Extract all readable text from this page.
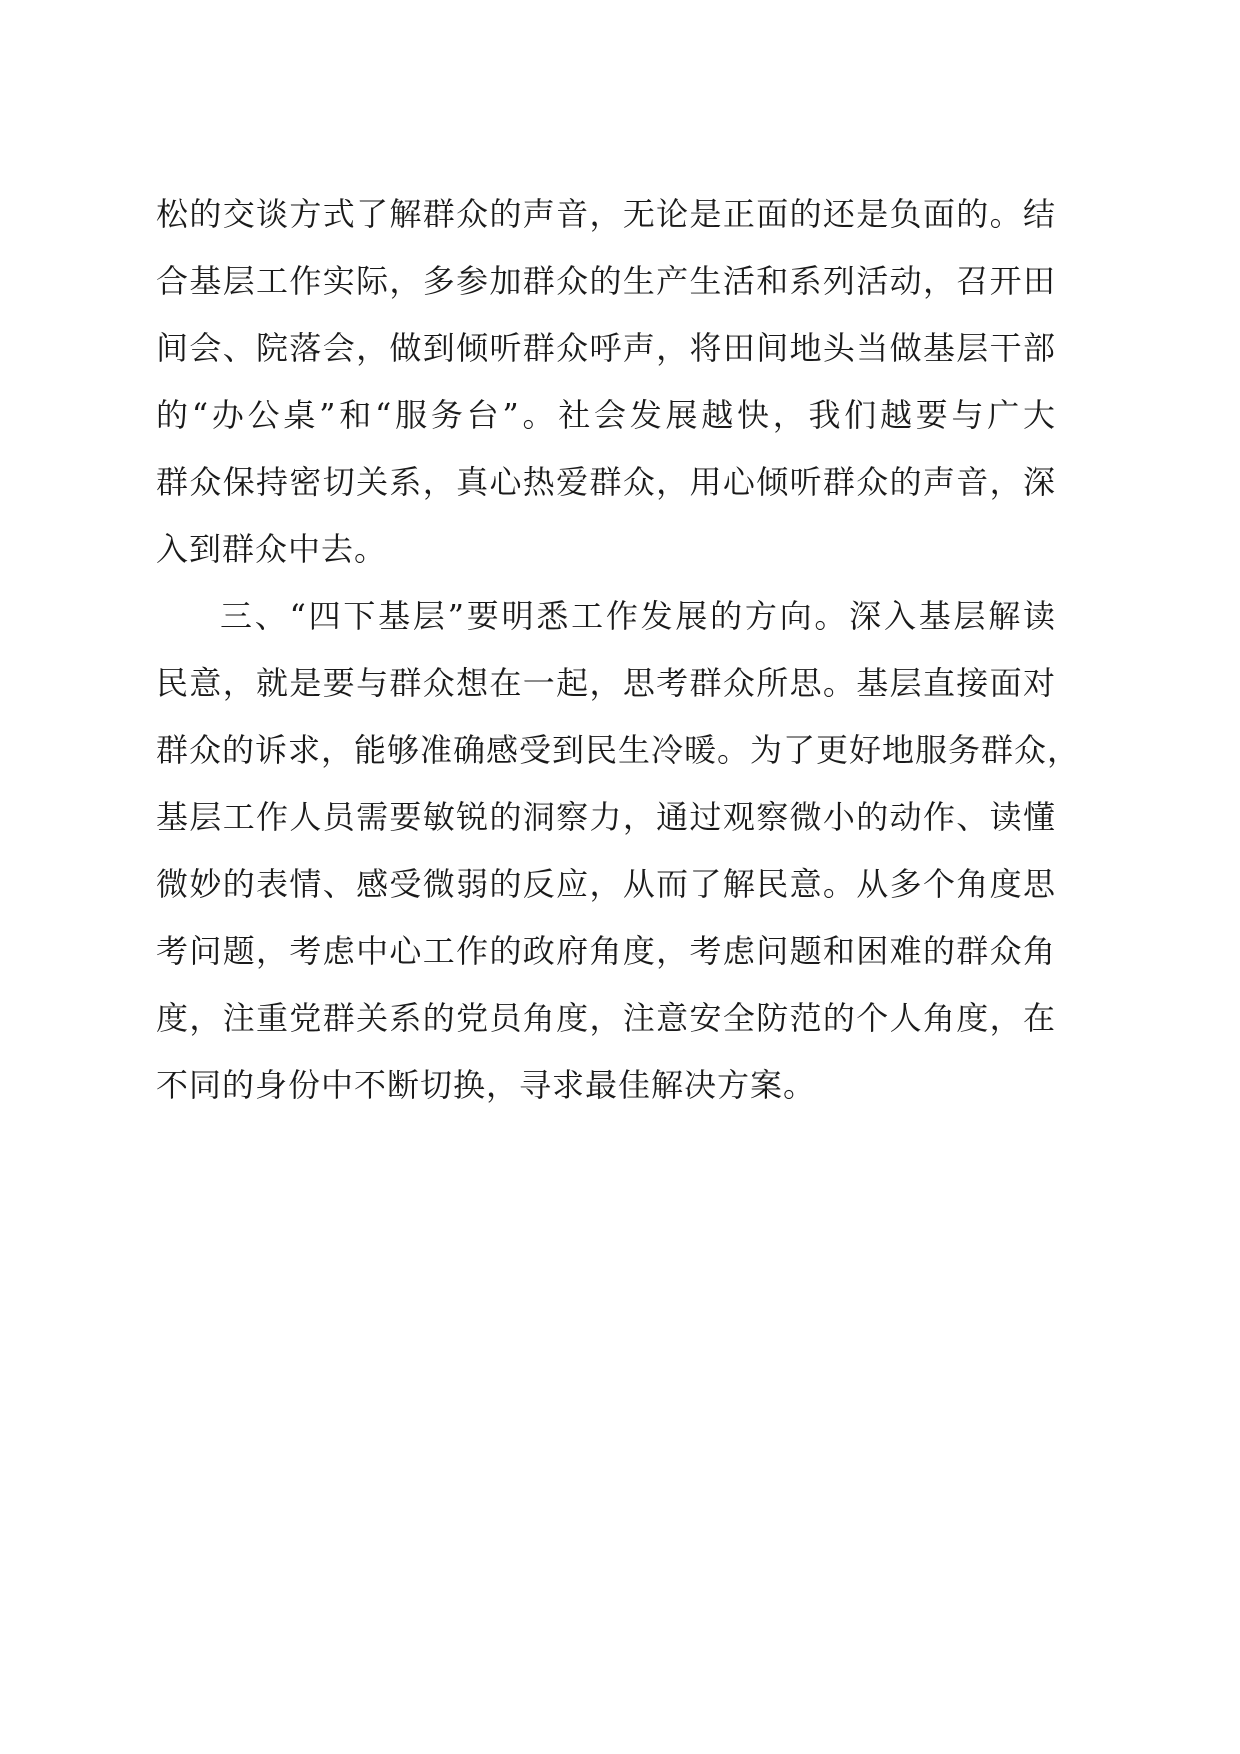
松的交谈方式了解群众的声音，无论是正面的还是负面的。结
合基层工作实际，多参加群众的生产生活和系列活动，召开田
间会、院落会，做到倾听群众呼声，将田间地头当做基层干部
的“办公桌”和“服务台”。社会发展越快，我们越要与广大
群众保持密切关系，真心热爱群众，用心倾听群众的声音，深
入到群众中去。
三、“四下基层”要明悉工作发展的方向。深入基层解读
民意，就是要与群众想在一起，思考群众所思。基层直接面对
群众的诉求，能够准确感受到民生冷暖。为了更好地服务群众，
基层工作人员需要敏锐的洞察力，通过观察微小的动作、读懂
微妙的表情、感受微弱的反应，从而了解民意。从多个角度思
考问题，考虑中心工作的政府角度，考虑问题和困难的群众角
度，注重党群关系的党员角度，注意安全防范的个人角度，在
不同的身份中不断切换，寻求最佳解决方案。
